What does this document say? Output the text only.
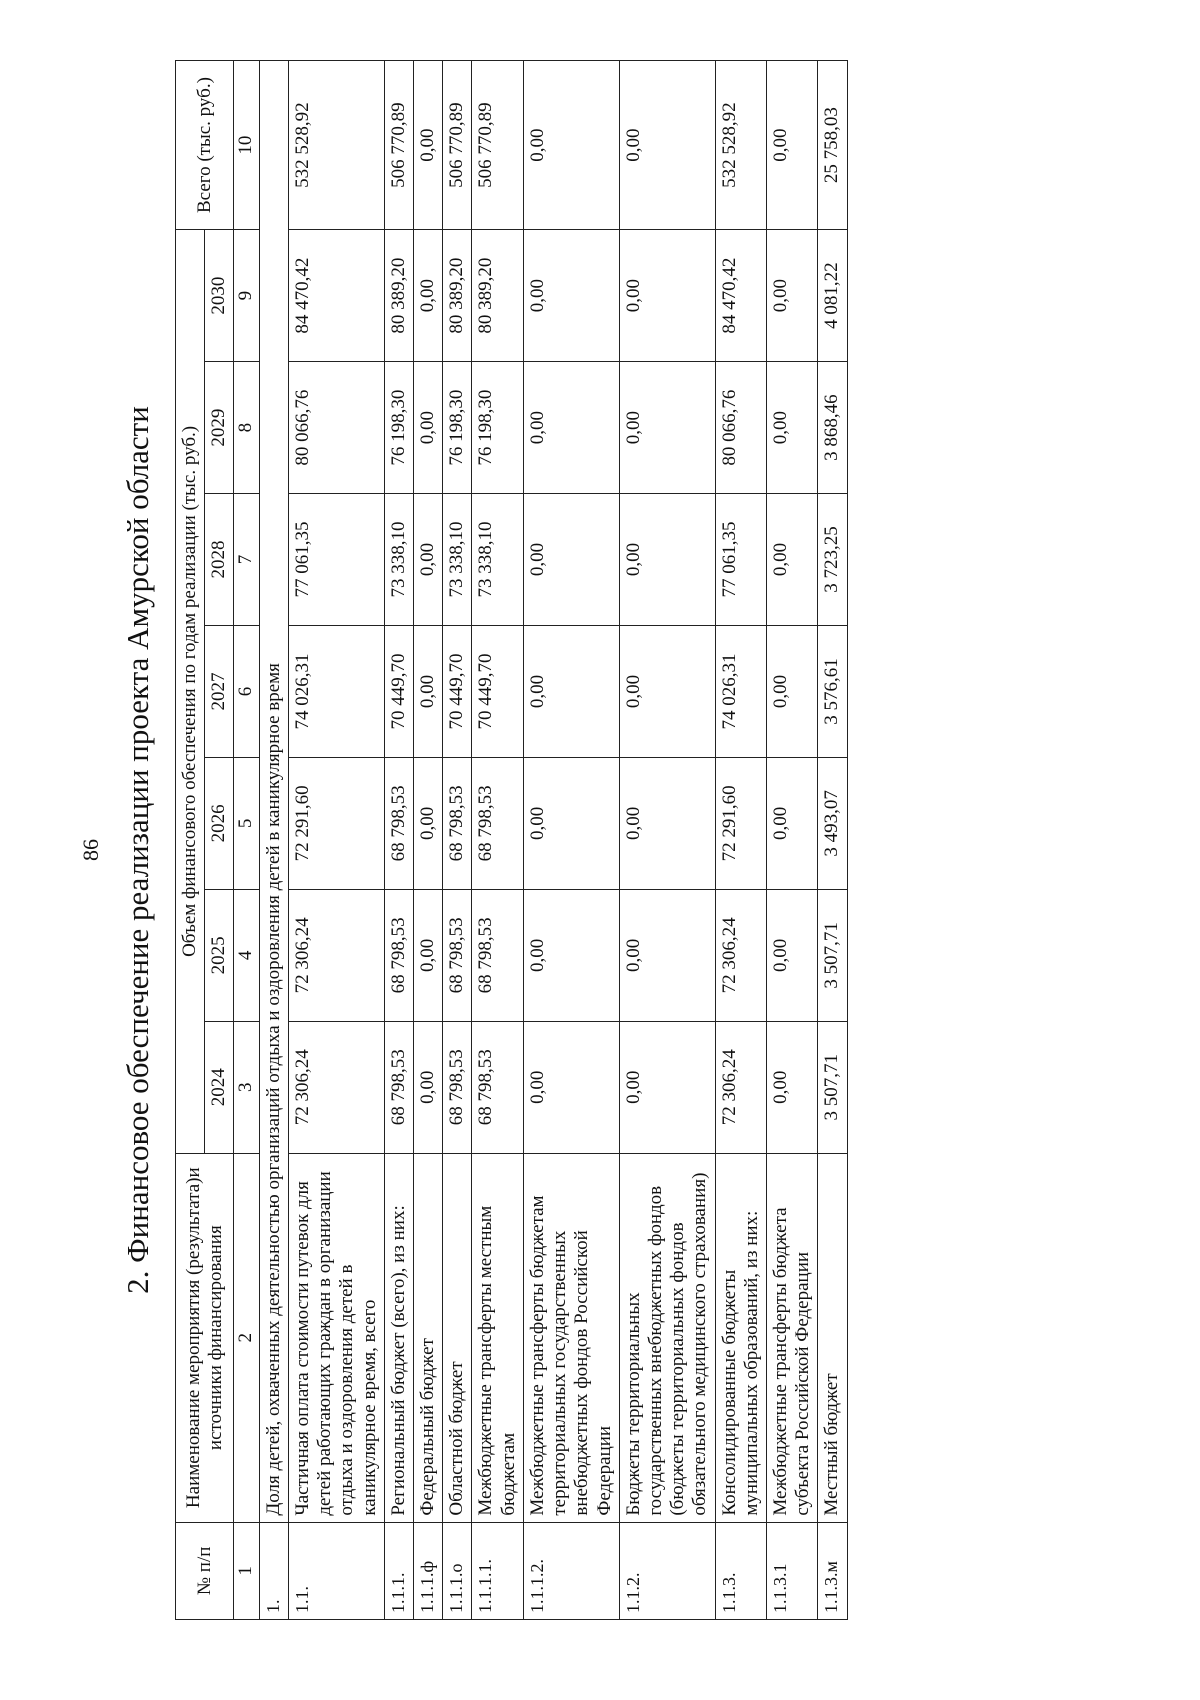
86 2. Финансовое обеспечение реализации проекта Амурской области
№ п/п	Наименование мероприятия (результата)и источники финансирования	Объем финансового обеспечения по годам реализации (тыс. руб.)							Всего (тыс. руб.)
		2024	2025	2026	2027	2028	2029	2030	
1	2	3	4	5	6	7	8	9	10
1.	Доля детей, охваченных деятельностью организаций отдыха и оздоровления детей в каникулярное время								
1.1.	Частичная оплата стоимости путевок для детей работающих граждан в организации отдыха и оздоровления детей в каникулярное время, всего	72 306,24	72 306,24	72 291,60	74 026,31	77 061,35	80 066,76	84 470,42	532 528,92
1.1.1.	Региональный бюджет (всего), из них:	68 798,53	68 798,53	68 798,53	70 449,70	73 338,10	76 198,30	80 389,20	506 770,89
1.1.1.ф	Федеральный бюджет	0,00	0,00	0,00	0,00	0,00	0,00	0,00	0,00
1.1.1.о	Областной бюджет	68 798,53	68 798,53	68 798,53	70 449,70	73 338,10	76 198,30	80 389,20	506 770,89
1.1.1.1.	Межбюджетные трансферты местным бюджетам	68 798,53	68 798,53	68 798,53	70 449,70	73 338,10	76 198,30	80 389,20	506 770,89
1.1.1.2.	Межбюджетные трансферты бюджетам территориальных государственных внебюджетных фондов Российской Федерации	0,00	0,00	0,00	0,00	0,00	0,00	0,00	0,00
1.1.2.	Бюджеты территориальных государственных внебюджетных фондов (бюджеты территориальных фондов обязательного медицинского страхования)	0,00	0,00	0,00	0,00	0,00	0,00	0,00	0,00
1.1.3.	Консолидированные бюджеты муниципальных образований, из них:	72 306,24	72 306,24	72 291,60	74 026,31	77 061,35	80 066,76	84 470,42	532 528,92
1.1.3.1	Межбюджетные трансферты бюджета субъекта Российской Федерации	0,00	0,00	0,00	0,00	0,00	0,00	0,00	0,00
1.1.3.м	Местный бюджет	3 507,71	3 507,71	3 493,07	3 576,61	3 723,25	3 868,46	4 081,22	25 758,03
